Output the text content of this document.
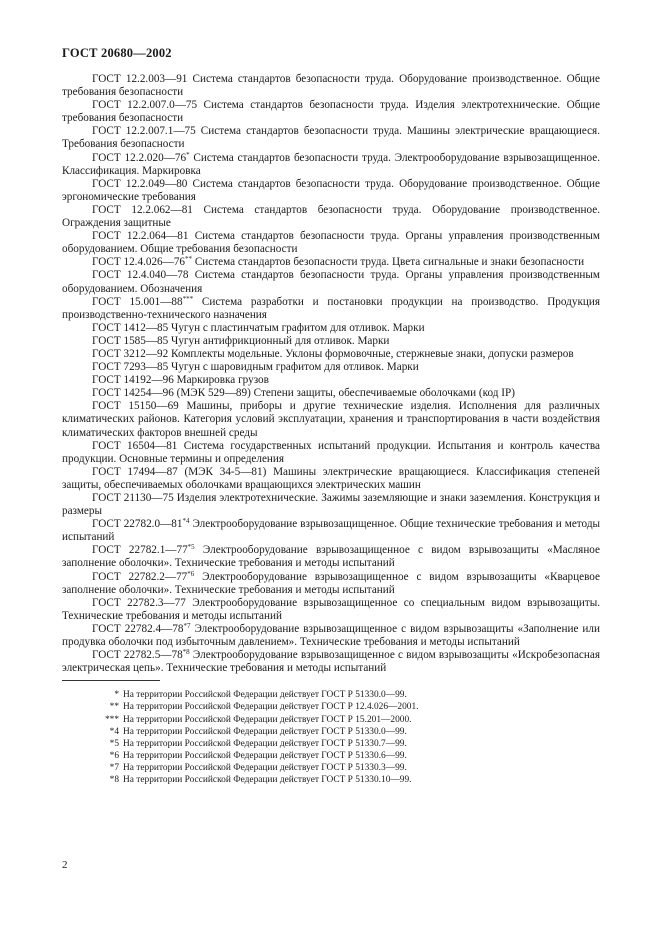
ГОСТ 20680—2002
ГОСТ 12.2.003—91 Система стандартов безопасности труда. Оборудование производственное. Общие требования безопасности
ГОСТ 12.2.007.0—75 Система стандартов безопасности труда. Изделия электротехнические. Общие требования безопасности
ГОСТ 12.2.007.1—75 Система стандартов безопасности труда. Машины электрические вращающиеся. Требования безопасности
ГОСТ 12.2.020—76* Система стандартов безопасности труда. Электрооборудование взрывозащищенное. Классификация. Маркировка
ГОСТ 12.2.049—80 Система стандартов безопасности труда. Оборудование производственное. Общие эргономические требования
ГОСТ 12.2.062—81 Система стандартов безопасности труда. Оборудование производственное. Ограждения защитные
ГОСТ 12.2.064—81 Система стандартов безопасности труда. Органы управления производственным оборудованием. Общие требования безопасности
ГОСТ 12.4.026—76** Система стандартов безопасности труда. Цвета сигнальные и знаки безопасности
ГОСТ 12.4.040—78 Система стандартов безопасности труда. Органы управления производственным оборудованием. Обозначения
ГОСТ 15.001—88*** Система разработки и постановки продукции на производство. Продукция производственно-технического назначения
ГОСТ 1412—85 Чугун с пластинчатым графитом для отливок. Марки
ГОСТ 1585—85 Чугун антифрикционный для отливок. Марки
ГОСТ 3212—92 Комплекты модельные. Уклоны формовочные, стержневые знаки, допуски размеров
ГОСТ 7293—85 Чугун с шаровидным графитом для отливок. Марки
ГОСТ 14192—96 Маркировка грузов
ГОСТ 14254—96 (МЭК 529—89) Степени защиты, обеспечиваемые оболочками (код IP)
ГОСТ 15150—69 Машины, приборы и другие технические изделия. Исполнения для различных климатических районов. Категория условий эксплуатации, хранения и транспортирования в части воздействия климатических факторов внешней среды
ГОСТ 16504—81 Система государственных испытаний продукции. Испытания и контроль качества продукции. Основные термины и определения
ГОСТ 17494—87 (МЭК 34-5—81) Машины электрические вращающиеся. Классификация степеней защиты, обеспечиваемых оболочками вращающихся электрических машин
ГОСТ 21130—75 Изделия электротехнические. Зажимы заземляющие и знаки заземления. Конструкция и размеры
ГОСТ 22782.0—81$^{*4}$ Электрооборудование взрывозащищенное. Общие технические требования и методы испытаний
ГОСТ 22782.1—77$^{*5}$ Электрооборудование взрывозащищенное с видом взрывозащиты «Масляное заполнение оболочки». Технические требования и методы испытаний
ГОСТ 22782.2—77$^{*6}$ Электрооборудование взрывозащищенное с видом взрывозащиты «Кварцевое заполнение оболочки». Технические требования и методы испытаний
ГОСТ 22782.3—77 Электрооборудование взрывозащищенное со специальным видом взрывозащиты. Технические требования и методы испытаний
ГОСТ 22782.4—78$^{*7}$ Электрооборудование взрывозащищенное с видом взрывозащиты «Заполнение или продувка оболочки под избыточным давлением». Технические требования и методы испытаний
ГОСТ 22782.5—78$^{*8}$ Электрооборудование взрывозащищенное с видом взрывозащиты «Искробезопасная электрическая цепь». Технические требования и методы испытаний
* На территории Российской Федерации действует ГОСТ Р 51330.0—99.
** На территории Российской Федерации действует ГОСТ Р 12.4.026—2001.
*** На территории Российской Федерации действует ГОСТ Р 15.201—2000.
*4 На территории Российской Федерации действует ГОСТ Р 51330.0—99.
*5 На территории Российской Федерации действует ГОСТ Р 51330.7—99.
*6 На территории Российской Федерации действует ГОСТ Р 51330.6—99.
*7 На территории Российской Федерации действует ГОСТ Р 51330.3—99.
*8 На территории Российской Федерации действует ГОСТ Р 51330.10—99.
2
